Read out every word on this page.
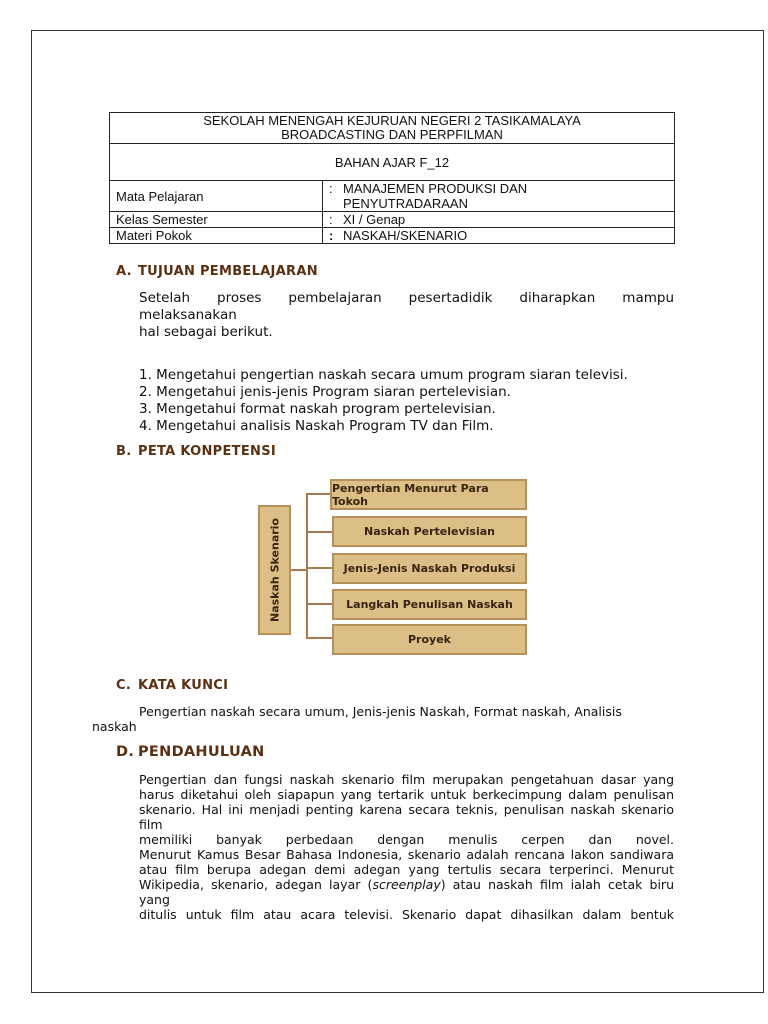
SEKOLAH MENENGAH KEJURUAN NEGERI 2 TASIKAMALAYA
BROADCASTING DAN PERPFILMAN	

BAHAN AJAR F_12	
Mata Pelajaran	: MANAJEMEN PRODUKSI DAN
PENYUTRADARAAN

Kelas Semester	: XI / Genap
Materi Pokok	: NASKAH/SKENARIO
A. TUJUAN PEMBELAJARAN
Setelah proses pembelajaran pesertadidik diharapkan mampu
melaksanakan
hal sebagai berikut.
1. Mengetahui pengertian naskah secara umum program siaran televisi.
2. Mengetahui jenis-jenis Program siaran pertelevisian.
3. Mengetahui format naskah program pertelevisian.
4. Mengetahui analisis Naskah Program TV dan Film.
B. PETA KONPETENSI
Naskah Skenario
Pengertian Menurut Para Tokoh
Naskah Pertelevisian
Jenis-Jenis Naskah Produksi
Langkah Penulisan Naskah
Proyek
C. KATA KUNCI
Pengertian naskah secara umum, Jenis-jenis Naskah, Format naskah, Analisis
naskah
D. PENDAHULUAN
Pengertian dan fungsi naskah skenario film merupakan pengetahuan dasar yang
harus diketahui oleh siapapun yang tertarik untuk berkecimpung dalam penulisan
skenario. Hal ini menjadi penting karena secara teknis, penulisan naskah skenario
film
memiliki banyak perbedaan dengan menulis cerpen dan novel.
Menurut Kamus Besar Bahasa Indonesia, skenario adalah rencana lakon sandiwara
atau film berupa adegan demi adegan yang tertulis secara terperinci. Menurut
Wikipedia, skenario, adegan layar (screenplay) atau naskah film ialah cetak biru
yang
ditulis untuk film atau acara televisi. Skenario dapat dihasilkan dalam bentuk
